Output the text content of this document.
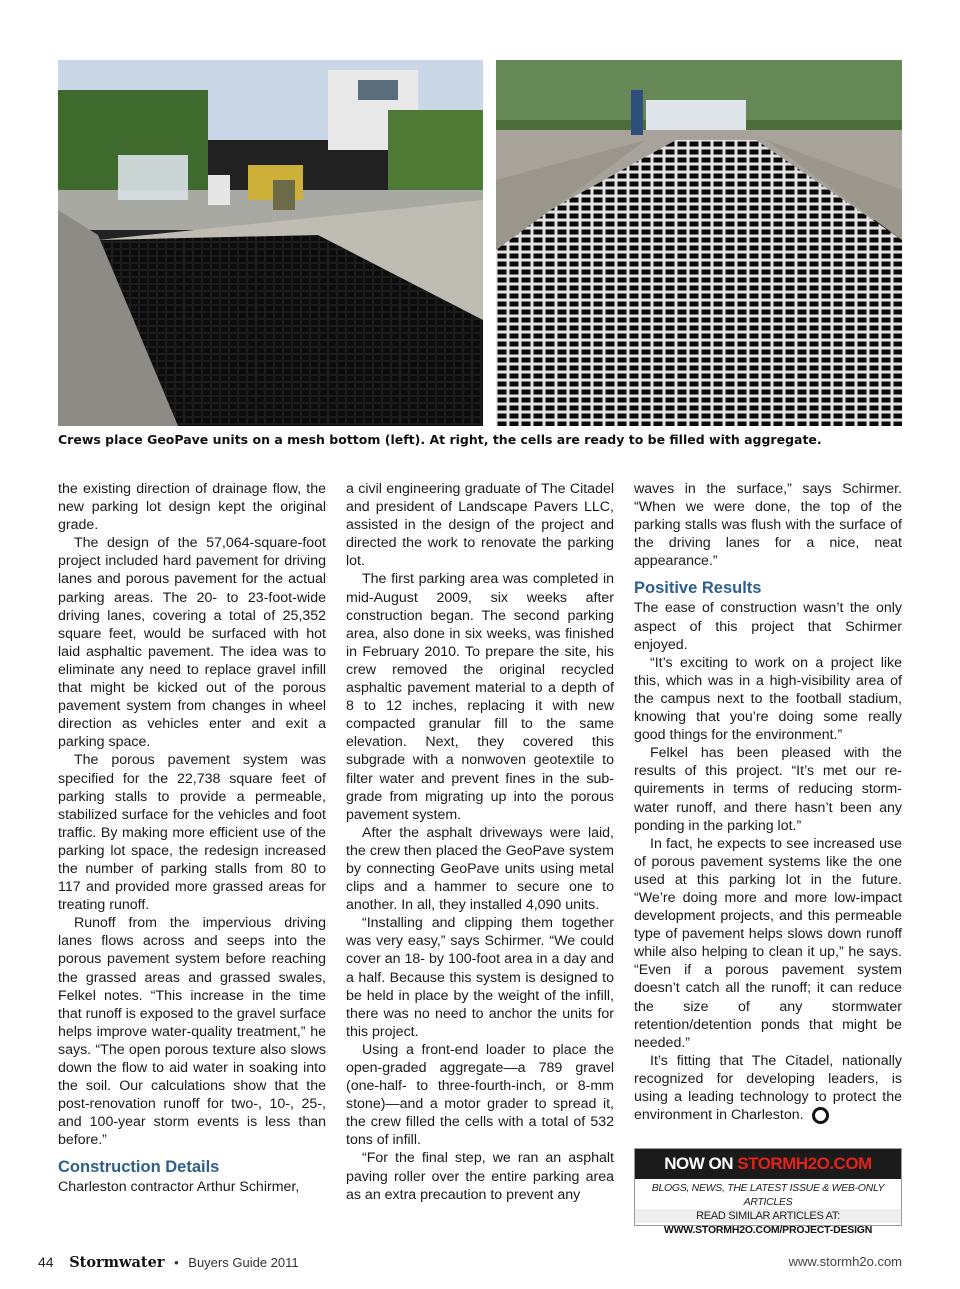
Crews place GeoPave units on a mesh bottom (left). At right, the cells are ready to be filled with aggregate.

the existing direction of drainage flow, the new parking lot design kept the original grade.

The design of the 57,064-square-foot project included hard pavement for driving lanes and porous pavement for the actual parking areas. The 20- to 23-foot-wide driving lanes, covering a total of 25,352 square feet, would be surfaced with hot laid asphaltic pavement. The idea was to eliminate any need to replace gravel infill that might be kicked out of the porous pavement system from changes in wheel direction as vehicles enter and exit a parking space.

The porous pavement system was specified for the 22,738 square feet of parking stalls to provide a permeable, stabilized surface for the vehicles and foot traffic. By making more efficient use of the parking lot space, the redesign increased the number of parking stalls from 80 to 117 and provided more grassed areas for treating runoff.

Runoff from the impervious driving lanes flows across and seeps into the porous pavement system before reaching the grassed areas and grassed swales, Felkel notes. “This increase in the time that runoff is exposed to the gravel surface helps improve water-quality treatment,” he says. “The open porous texture also slows down the flow to aid water in soaking into the soil. Our calculations show that the post-renovation runoff for two-, 10-, 25-, and 100-year storm events is less than before.”

Construction Details

Charleston contractor Arthur Schirmer,

a civil engineering graduate of The Citadel and president of Landscape Pavers LLC, assisted in the design of the project and directed the work to renovate the parking lot.

The first parking area was completed in mid-August 2009, six weeks after construction began. The second parking area, also done in six weeks, was finished in February 2010. To prepare the site, his crew removed the original recycled asphaltic pavement material to a depth of 8 to 12 inches, replacing it with new compacted granular fill to the same elevation. Next, they covered this subgrade with a nonwoven geotextile to filter water and prevent fines in the subgrade from migrating up into the porous pavement system.

After the asphalt driveways were laid, the crew then placed the GeoPave system by connecting GeoPave units using metal clips and a hammer to secure one to another. In all, they installed 4,090 units.

“Installing and clipping them together was very easy,” says Schirmer. “We could cover an 18- by 100-foot area in a day and a half. Because this system is designed to be held in place by the weight of the infill, there was no need to anchor the units for this project.

Using a front-end loader to place the open-graded aggregate—a 789 gravel (one-half- to three-fourth-inch, or 8-mm stone)—and a motor grader to spread it, the crew filled the cells with a total of 532 tons of infill.

“For the final step, we ran an asphalt paving roller over the entire parking area as an extra precaution to prevent any

waves in the surface,” says Schirmer. “When we were done, the top of the parking stalls was flush with the surface of the driving lanes for a nice, neat appearance.”

Positive Results

The ease of construction wasn’t the only aspect of this project that Schirmer enjoyed.

“It’s exciting to work on a project like this, which was in a high-visibility area of the campus next to the football stadium, knowing that you’re doing some really good things for the environment.”

Felkel has been pleased with the results of this project. “It’s met our requirements in terms of reducing stormwater runoff, and there hasn’t been any ponding in the parking lot.”

In fact, he expects to see increased use of porous pavement systems like the one used at this parking lot in the future. “We’re doing more and more low-impact development projects, and this permeable type of pavement helps slows down runoff while also helping to clean it up,” he says. “Even if a porous pavement system doesn’t catch all the runoff; it can reduce the size of any stormwater retention/detention ponds that might be needed.”

It’s fitting that The Citadel, nationally recognized for developing leaders, is using a leading technology to protect the environment in Charleston.

NOW ON STORMH2O.COM
BLOGS, NEWS, THE LATEST ISSUE & WEB-ONLY ARTICLES
READ SIMILAR ARTICLES AT:
WWW.STORMH2O.COM/PROJECT-DESIGN
44 Stormwater • Buyers Guide 2011	www.stormh2o.com
